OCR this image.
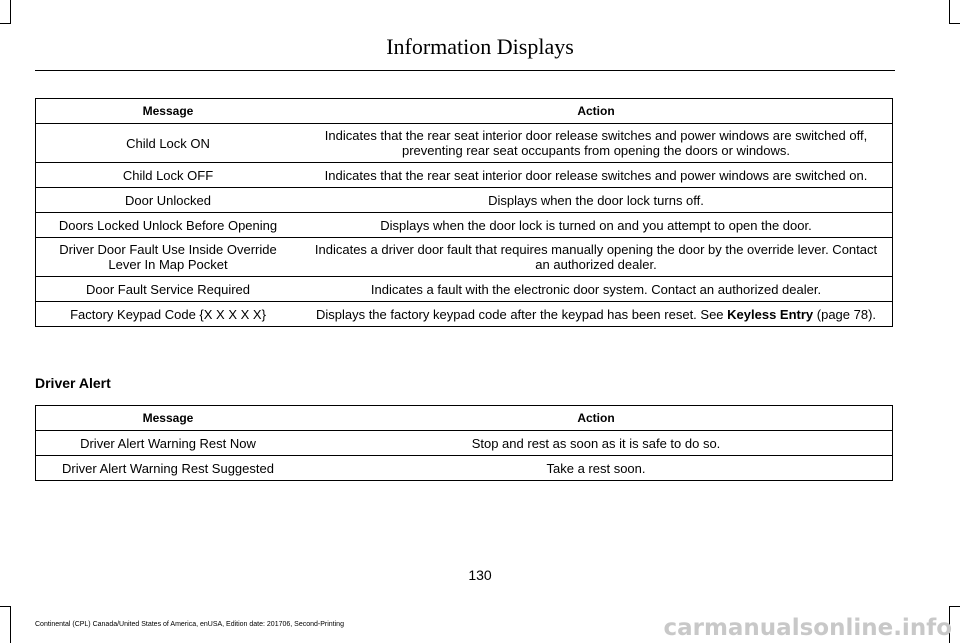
Information Displays
Message	Action
Child Lock ON	Indicates that the rear seat interior door release switches and power windows are switched off, preventing rear seat occupants from opening the doors or windows.
Child Lock OFF	Indicates that the rear seat interior door release switches and power windows are switched on.
Door Unlocked	Displays when the door lock turns off.
Doors Locked Unlock Before Opening	Displays when the door lock is turned on and you attempt to open the door.
Driver Door Fault Use Inside Override Lever In Map Pocket	Indicates a driver door fault that requires manually opening the door by the override lever. Contact an authorized dealer.
Door Fault Service Required	Indicates a fault with the electronic door system. Contact an authorized dealer.
Factory Keypad Code {X X X X X}	Displays the factory keypad code after the keypad has been reset. See Keyless Entry (page 78).
Driver Alert
Message	Action
Driver Alert Warning Rest Now	Stop and rest as soon as it is safe to do so.
Driver Alert Warning Rest Suggested	Take a rest soon.
130
Continental (CPL) Canada/United States of America, enUSA, Edition date: 201706, Second-Printing	carmanualsonline.info
